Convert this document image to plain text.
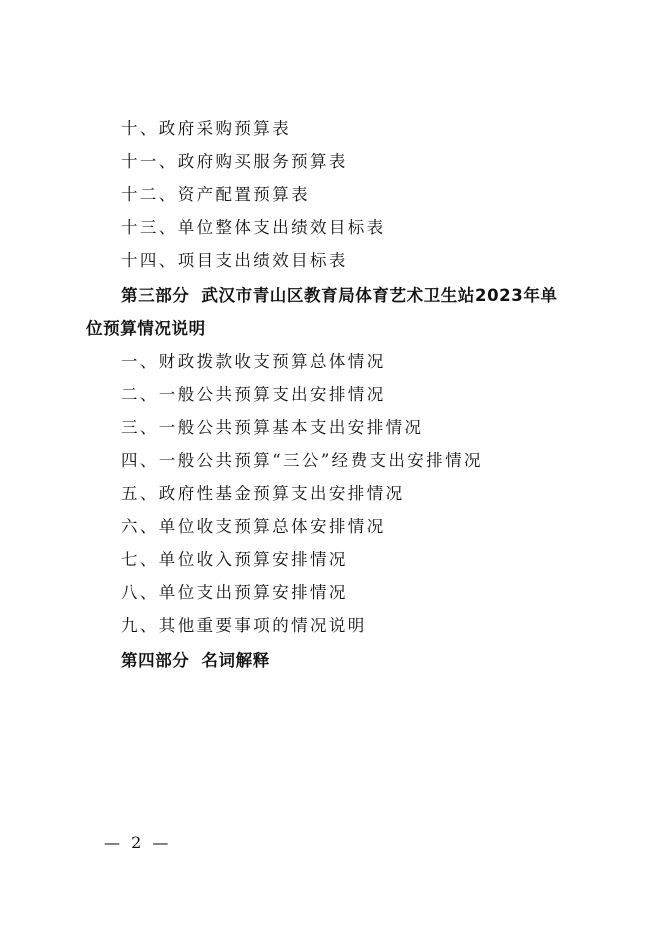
十、政府采购预算表
十一、政府购买服务预算表
十二、资产配置预算表
十三、单位整体支出绩效目标表
十四、项目支出绩效目标表
第三部分 武汉市青山区教育局体育艺术卫生站2023年单
位预算情况说明
一、财政拨款收支预算总体情况
二、一般公共预算支出安排情况
三、一般公共预算基本支出安排情况
四、一般公共预算“三公”经费支出安排情况
五、政府性基金预算支出安排情况
六、单位收支预算总体安排情况
七、单位收入预算安排情况
八、单位支出预算安排情况
九、其他重要事项的情况说明
第四部分 名词解释
— 2 —
